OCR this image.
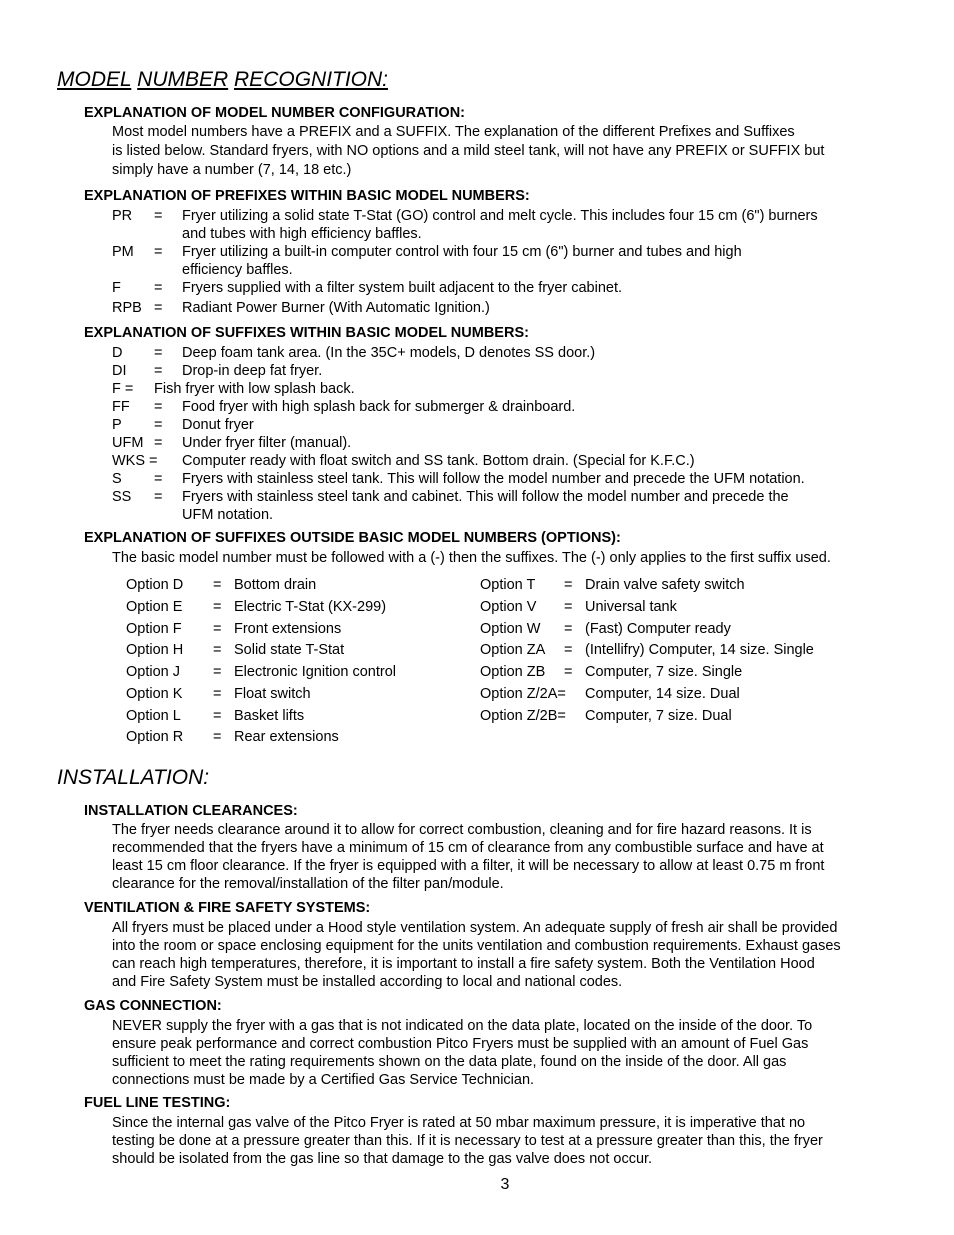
MODEL NUMBER RECOGNITION:
EXPLANATION OF MODEL NUMBER CONFIGURATION:
Most model numbers have a PREFIX and a SUFFIX. The explanation of the different Prefixes and Suffixes
is listed below. Standard fryers, with NO options and a mild steel tank, will not have any PREFIX or SUFFIX but
simply have a number (7, 14, 18 etc.)
EXPLANATION OF PREFIXES WITHIN BASIC MODEL NUMBERS:
PR = Fryer utilizing a solid state T-Stat (GO) control and melt cycle. This includes four 15 cm (6") burners
and tubes with high efficiency baffles.
PM = Fryer utilizing a built-in computer control with four 15 cm (6") burner and tubes and high
efficiency baffles.
F = Fryers supplied with a filter system built adjacent to the fryer cabinet.
RPB = Radiant Power Burner (With Automatic Ignition.)
EXPLANATION OF SUFFIXES WITHIN BASIC MODEL NUMBERS:
D = Deep foam tank area. (In the 35C+ models, D denotes SS door.)
DI = Drop-in deep fat fryer.
F = Fish fryer with low splash back.
FF = Food fryer with high splash back for submerger & drainboard.
P = Donut fryer
UFM = Under fryer filter (manual).
WKS = Computer ready with float switch and SS tank. Bottom drain. (Special for K.F.C.)
S = Fryers with stainless steel tank. This will follow the model number and precede the UFM notation.
SS = Fryers with stainless steel tank and cabinet. This will follow the model number and precede the
UFM notation.
EXPLANATION OF SUFFIXES OUTSIDE BASIC MODEL NUMBERS (OPTIONS):
The basic model number must be followed with a (-) then the suffixes. The (-) only applies to the first suffix used.
Option D = Bottom drain
Option E = Electric T-Stat (KX-299)
Option F = Front extensions
Option H = Solid state T-Stat
Option J = Electronic Ignition control
Option K = Float switch
Option L = Basket lifts
Option R = Rear extensions
Option T = Drain valve safety switch
Option V = Universal tank
Option W = (Fast) Computer ready
Option ZA = (Intellifry) Computer, 14 size. Single
Option ZB = Computer, 7 size. Single
Option Z/2A= Computer, 14 size. Dual
Option Z/2B= Computer, 7 size. Dual
INSTALLATION:
INSTALLATION CLEARANCES:
The fryer needs clearance around it to allow for correct combustion, cleaning and for fire hazard reasons. It is
recommended that the fryers have a minimum of 15 cm of clearance from any combustible surface and have at
least 15 cm floor clearance. If the fryer is equipped with a filter, it will be necessary to allow at least 0.75 m front
clearance for the removal/installation of the filter pan/module.
VENTILATION & FIRE SAFETY SYSTEMS:
All fryers must be placed under a Hood style ventilation system. An adequate supply of fresh air shall be provided
into the room or space enclosing equipment for the units ventilation and combustion requirements. Exhaust gases
can reach high temperatures, therefore, it is important to install a fire safety system. Both the Ventilation Hood
and Fire Safety System must be installed according to local and national codes.
GAS CONNECTION:
NEVER supply the fryer with a gas that is not indicated on the data plate, located on the inside of the door. To
ensure peak performance and correct combustion Pitco Fryers must be supplied with an amount of Fuel Gas
sufficient to meet the rating requirements shown on the data plate, found on the inside of the door. All gas
connections must be made by a Certified Gas Service Technician.
FUEL LINE TESTING:
Since the internal gas valve of the Pitco Fryer is rated at 50 mbar maximum pressure, it is imperative that no
testing be done at a pressure greater than this. If it is necessary to test at a pressure greater than this, the fryer
should be isolated from the gas line so that damage to the gas valve does not occur.
3
